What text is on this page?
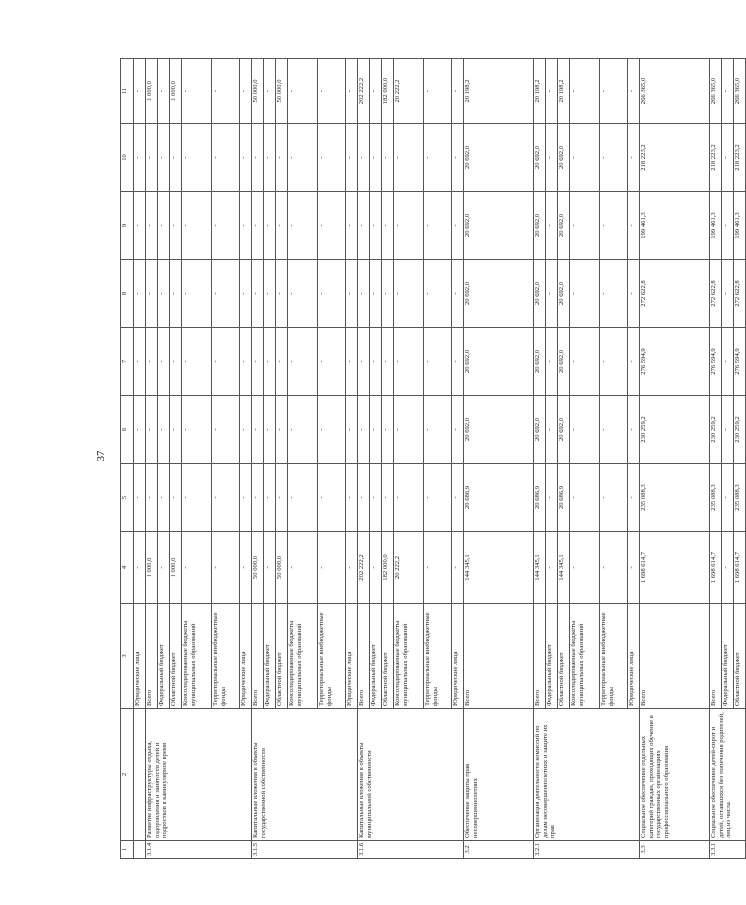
37
1	2	3	4	5	6	7	8	9	10	11
		Юридические лица	-	-	-	-	-	-	-	-
3.1.4	Развитие инфраструктуры отдыха, оздоровления и занятости детей и подростков в каникулярное время	Всего	1 000,0	-	-	-	-	-	-	1 000,0
		Федеральный бюджет	-	-	-	-	-	-	-	-
		Областной бюджет	1 000,0	-	-	-	-	-	-	1 000,0
		Консолидированные бюджеты муниципальных образований	-	-	-	-	-	-	-	-
		Территориальные внебюджетные фонды	-	-	-	-	-	-	-	-
		Юридические лица	-	-	-	-	-	-	-	-
3.1.5	Капитальные вложения в объекты государственной собственности	Всего	50 000,0	-	-	-	-	-	-	50 000,0
		Федеральный бюджет	-	-	-	-	-	-	-	-
		Областной бюджет	50 000,0	-	-	-	-	-	-	50 000,0
		Консолидированные бюджеты муниципальных образований	-	-	-	-	-	-	-	-
		Территориальные внебюджетные фонды	-	-	-	-	-	-	-	-
		Юридические лица	-	-	-	-	-	-	-	-
3.1.6	Капитальные вложения в объекты муниципальной собственности	Всего	202 222,2	-	-	-	-	-	-	202 222,2
		Федеральный бюджет	-	-	-	-	-	-	-	-
		Областной бюджет	182 000,0	-	-	-	-	-	-	182 000,0
		Консолидированные бюджеты муниципальных образований	20 222,2	-	-	-	-	-	-	20 222,2
		Территориальные внебюджетные фонды	-	-	-	-	-	-	-	-
		Юридические лица	-	-	-	-	-	-	-	-
3.2	Обеспечение защиты прав несовершеннолетних	Всего	144 345,1	20 686,9	20 692,0	20 692,0	20 692,0	20 692,0	20 692,0	20 198,2
3.2.1	Организация деятельности комиссий по делам несовершеннолетних и защите их прав	Всего	144 345,1	20 686,9	20 692,0	20 692,0	20 692,0	20 692,0	20 692,0	20 198,2
		Федеральный бюджет	-	-	-	-	-	-	-	-
		Областной бюджет	144 345,1	20 686,9	20 692,0	20 692,0	20 692,0	20 692,0	20 692,0	20 198,2
		Консолидированные бюджеты муниципальных образований	-	-	-	-	-	-	-	-
		Территориальные внебюджетные фонды	-	-	-	-	-	-	-	-
		Юридические лица	-	-	-	-	-	-	-	-
3.3	Социальное обеспечение отдельных категорий граждан, проходящих обучение в государственных организациях профессионального образования	Всего	1 698 614,7	235 088,3	230 259,2	276 594,9	272 622,8	199 461,3	218 223,2	266 365,0
3.3.1	Социальное обеспечение детей-сирот и детей, оставшихся без попечения родителей, лиц из числа	Всего	1 698 614,7	235 088,3	230 259,2	276 594,9	272 622,8	199 461,3	218 223,2	266 365,0
		Федеральный бюджет	-	-	-	-	-	-	-	-
		Областной бюджет	1 698 614,7	235 088,3	230 259,2	276 594,9	272 622,8	199 461,3	218 223,2	266 365,0
